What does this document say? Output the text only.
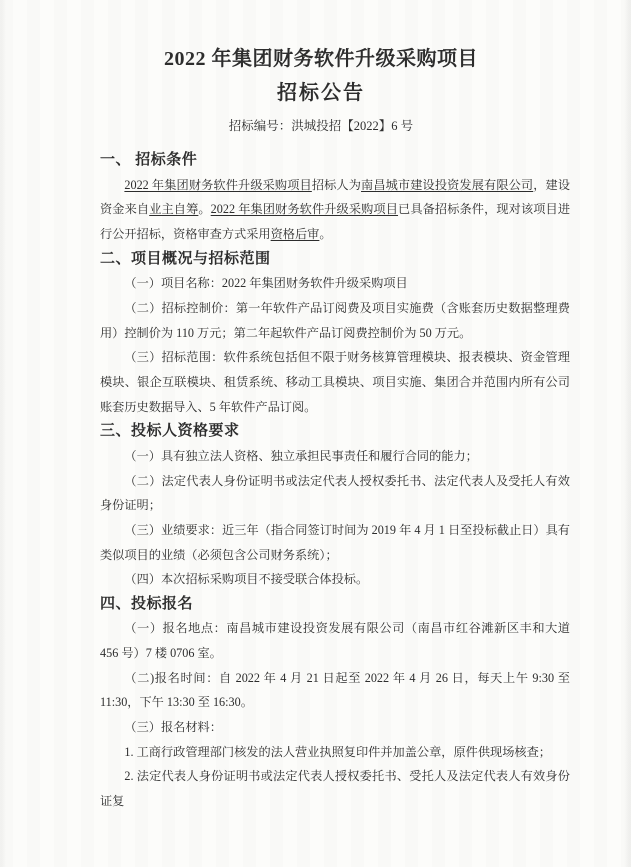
2022 年集团财务软件升级采购项目
招标公告
招标编号：洪城投招【2022】6 号
一、 招标条件

2022 年集团财务软件升级采购项目招标人为南昌城市建设投资发展有限公司，建设资金来自业主自筹。2022 年集团财务软件升级采购项目已具备招标条件，现对该项目进行公开招标，资格审查方式采用资格后审。

二、项目概况与招标范围

（一）项目名称：2022 年集团财务软件升级采购项目

（二）招标控制价：第一年软件产品订阅费及项目实施费（含账套历史数据整理费用）控制价为 110 万元；第二年起软件产品订阅费控制价为 50 万元。

（三）招标范围：软件系统包括但不限于财务核算管理模块、报表模块、资金管理模块、银企互联模块、租赁系统、移动工具模块、项目实施、集团合并范围内所有公司账套历史数据导入、5 年软件产品订阅。

三、投标人资格要求

（一）具有独立法人资格、独立承担民事责任和履行合同的能力；

（二）法定代表人身份证明书或法定代表人授权委托书、法定代表人及受托人有效身份证明；

（三）业绩要求：近三年（指合同签订时间为 2019 年 4 月 1 日至投标截止日）具有类似项目的业绩（必须包含公司财务系统）；

（四）本次招标采购项目不接受联合体投标。

四、投标报名

（一）报名地点：南昌城市建设投资发展有限公司（南昌市红谷滩新区丰和大道 456 号）7 楼 0706 室。

（二)报名时间：自 2022 年 4 月 21 日起至 2022 年 4 月 26 日，每天上午 9:30 至 11:30，下午 13:30 至 16:30。

（三）报名材料：

1. 工商行政管理部门核发的法人营业执照复印件并加盖公章，原件供现场核查；

2. 法定代表人身份证明书或法定代表人授权委托书、受托人及法定代表人有效身份证复
